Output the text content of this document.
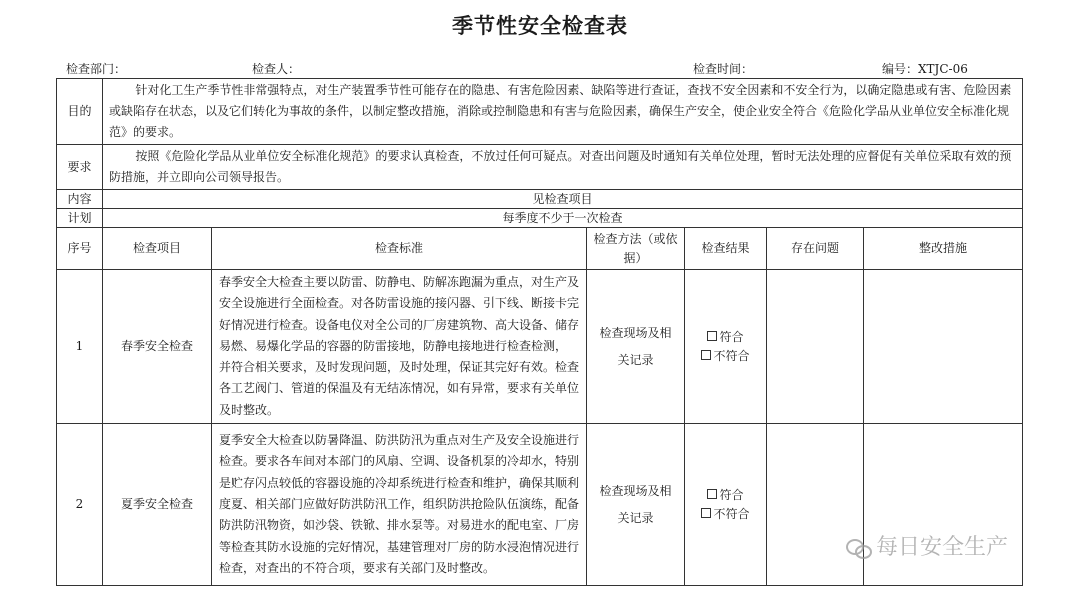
季节性安全检查表
检查部门：	检查人：	检查时间：	编号：XTJC-06
目的	针对化工生产季节性非常强特点，对生产装置季节性可能存在的隐患、有害危险因素、缺陷等进行查证，查找不安全因素和不安全行为，以确定隐患或有害、危险因素或缺陷存在状态，以及它们转化为事故的条件，以制定整改措施，消除或控制隐患和有害与危险因素，确保生产安全，使企业安全符合《危险化学品从业单位安全标准化规范》的要求。					
要求	按照《危险化学品从业单位安全标准化规范》的要求认真检查，不放过任何可疑点。对查出问题及时通知有关单位处理，暂时无法处理的应督促有关单位采取有效的预防措施，并立即向公司领导报告。					
内容	见检查项目					
计划	每季度不少于一次检查					
序号	检查项目	检查标准	检查方法（或依据）	检查结果	存在问题	整改措施
1	春季安全检查	春季安全大检查主要以防雷、防静电、防解冻跑漏为重点，对生产及安全设施进行全面检查。对各防雷设施的接闪器、引下线、断接卡完好情况进行检查。设备电仪对全公司的厂房建筑物、高大设备、储存易燃、易爆化学品的容器的防雷接地，防静电接地进行检查检测， 并符合相关要求，及时发现问题，及时处理，保证其完好有效。检查各工艺阀门、管道的保温及有无结冻情况，如有异常，要求有关单位及时整改。	检查现场及相关记录	符合
不符合		

2	夏季安全检查	夏季安全大检查以防暑降温、防洪防汛为重点对生产及安全设施进行检查。要求各车间对本部门的风扇、空调、设备机泵的冷却水，特别是贮存闪点较低的容器设施的冷却系统进行检查和维护，确保其顺利度夏、相关部门应做好防洪防汛工作，组织防洪抢险队伍演练，配备防洪防汛物资，如沙袋、铁锨、排水泵等。对易进水的配电室、厂房等检查其防水设施的完好情况，基建管理对厂房的防水浸泡情况进行检查，对查出的不符合项，要求有关部门及时整改。	检查现场及相关记录	符合
不符合		

每日安全生产
